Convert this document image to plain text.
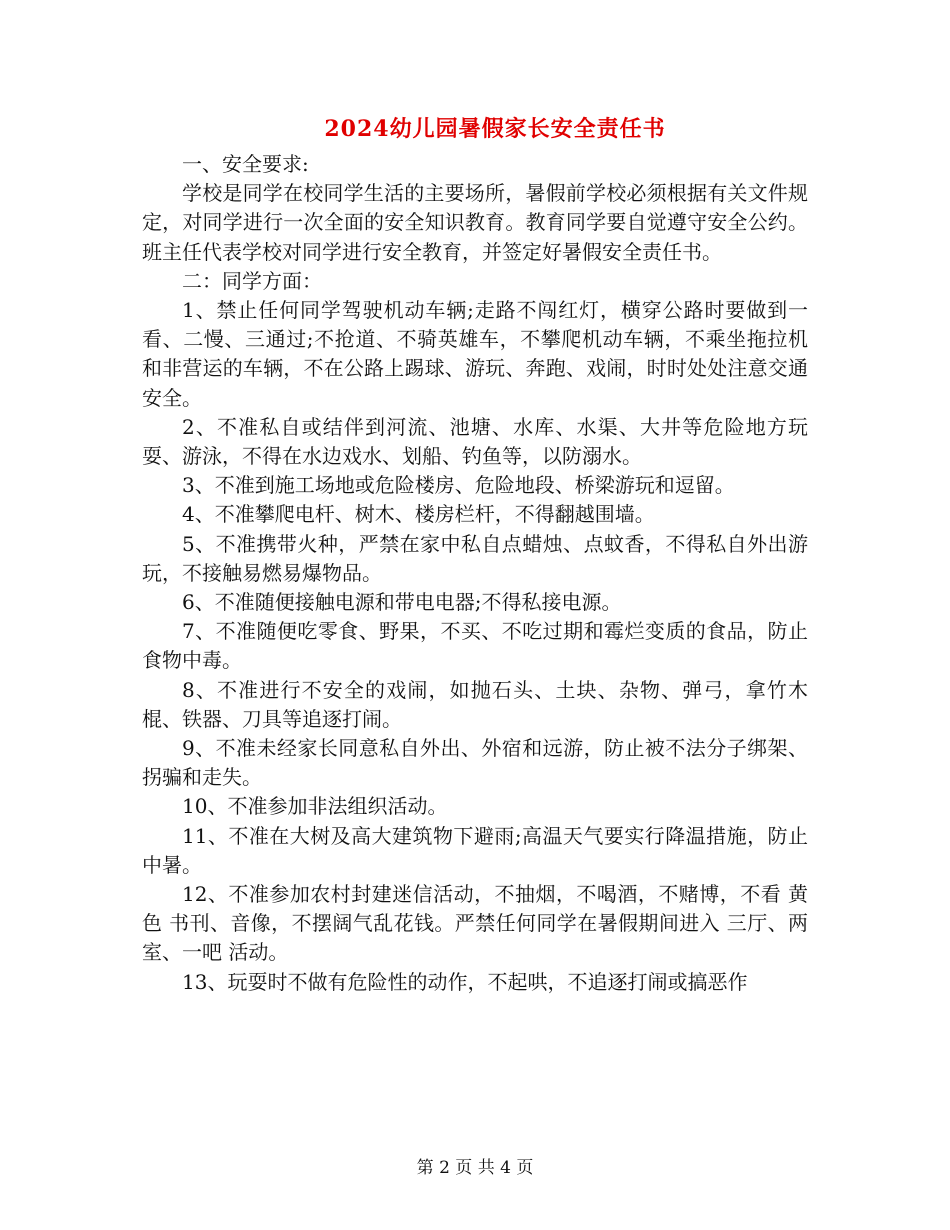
2024幼儿园暑假家长安全责任书

一、安全要求:

学校是同学在校同学生活的主要场所，暑假前学校必须根据有关文件规定，对同学进行一次全面的安全知识教育。教育同学要自觉遵守安全公约。班主任代表学校对同学进行安全教育，并签定好暑假安全责任书。

二：同学方面：

1、禁止任何同学驾驶机动车辆;走路不闯红灯，横穿公路时要做到一看、二慢、三通过;不抢道、不骑英雄车，不攀爬机动车辆，不乘坐拖拉机和非营运的车辆，不在公路上踢球、游玩、奔跑、戏闹，时时处处注意交通安全。

2、不准私自或结伴到河流、池塘、水库、水渠、大井等危险地方玩耍、游泳，不得在水边戏水、划船、钓鱼等，以防溺水。

3、不准到施工场地或危险楼房、危险地段、桥梁游玩和逗留。

4、不准攀爬电杆、树木、楼房栏杆，不得翻越围墙。

5、不准携带火种，严禁在家中私自点蜡烛、点蚊香，不得私自外出游玩，不接触易燃易爆物品。

6、不准随便接触电源和带电电器;不得私接电源。

7、不准随便吃零食、野果，不买、不吃过期和霉烂变质的食品，防止食物中毒。

8、不准进行不安全的戏闹，如抛石头、土块、杂物、弹弓，拿竹木棍、铁器、刀具等追逐打闹。

9、不准未经家长同意私自外出、外宿和远游，防止被不法分子绑架、拐骗和走失。

10、不准参加非法组织活动。

11、不准在大树及高大建筑物下避雨;高温天气要实行降温措施，防止中暑。

12、不准参加农村封建迷信活动，不抽烟，不喝酒，不赌博，不看 黄色 书刊、音像，不摆阔气乱花钱。严禁任何同学在暑假期间进入 三厅、两室、一吧 活动。

13、玩耍时不做有危险性的动作，不起哄，不追逐打闹或搞恶作

第 2 页 共 4 页
